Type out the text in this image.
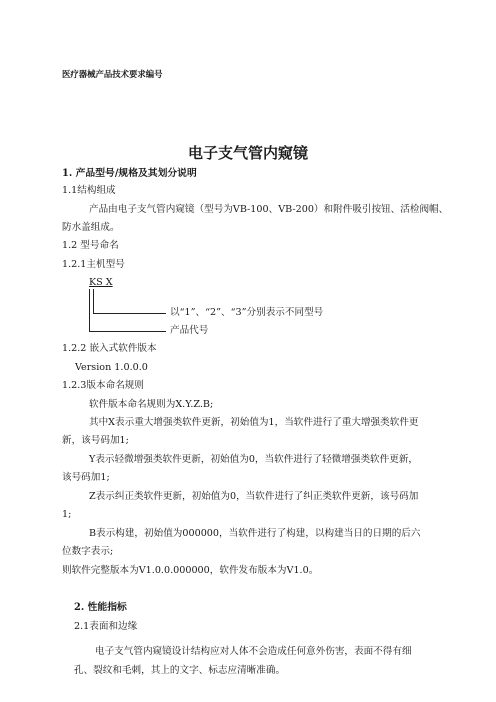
医疗器械产品技术要求编号
电子支气管内窥镜
1. 产品型号/规格及其划分说明
1.1结构组成
产品由电子支气管内窥镜（型号为VB-100、VB-200）和附件吸引按钮、活检阀帽、
防水盖组成。
1.2 型号命名
1.2.1主机型号
KS X
以“1”、“2”、“3”分别表示不同型号
产品代号
1.2.2 嵌入式软件版本
Version 1.0.0.0
1.2.3版本命名规则
软件版本命名规则为X.Y.Z.B;
其中X表示重大增强类软件更新，初始值为1，当软件进行了重大增强类软件更
新，该号码加1;
Y表示轻微增强类软件更新，初始值为0，当软件进行了轻微增强类软件更新，
该号码加1;
Z表示纠正类软件更新，初始值为0，当软件进行了纠正类软件更新，该号码加
1;
B表示构建，初始值为000000，当软件进行了构建，以构建当日的日期的后六
位数字表示;
则软件完整版本为V1.0.0.000000，软件发布版本为V1.0。
2. 性能指标
2.1表面和边缘
电子支气管内窥镜设计结构应对人体不会造成任何意外伤害，表面不得有细
孔、裂纹和毛刺，其上的文字、标志应清晰准确。
